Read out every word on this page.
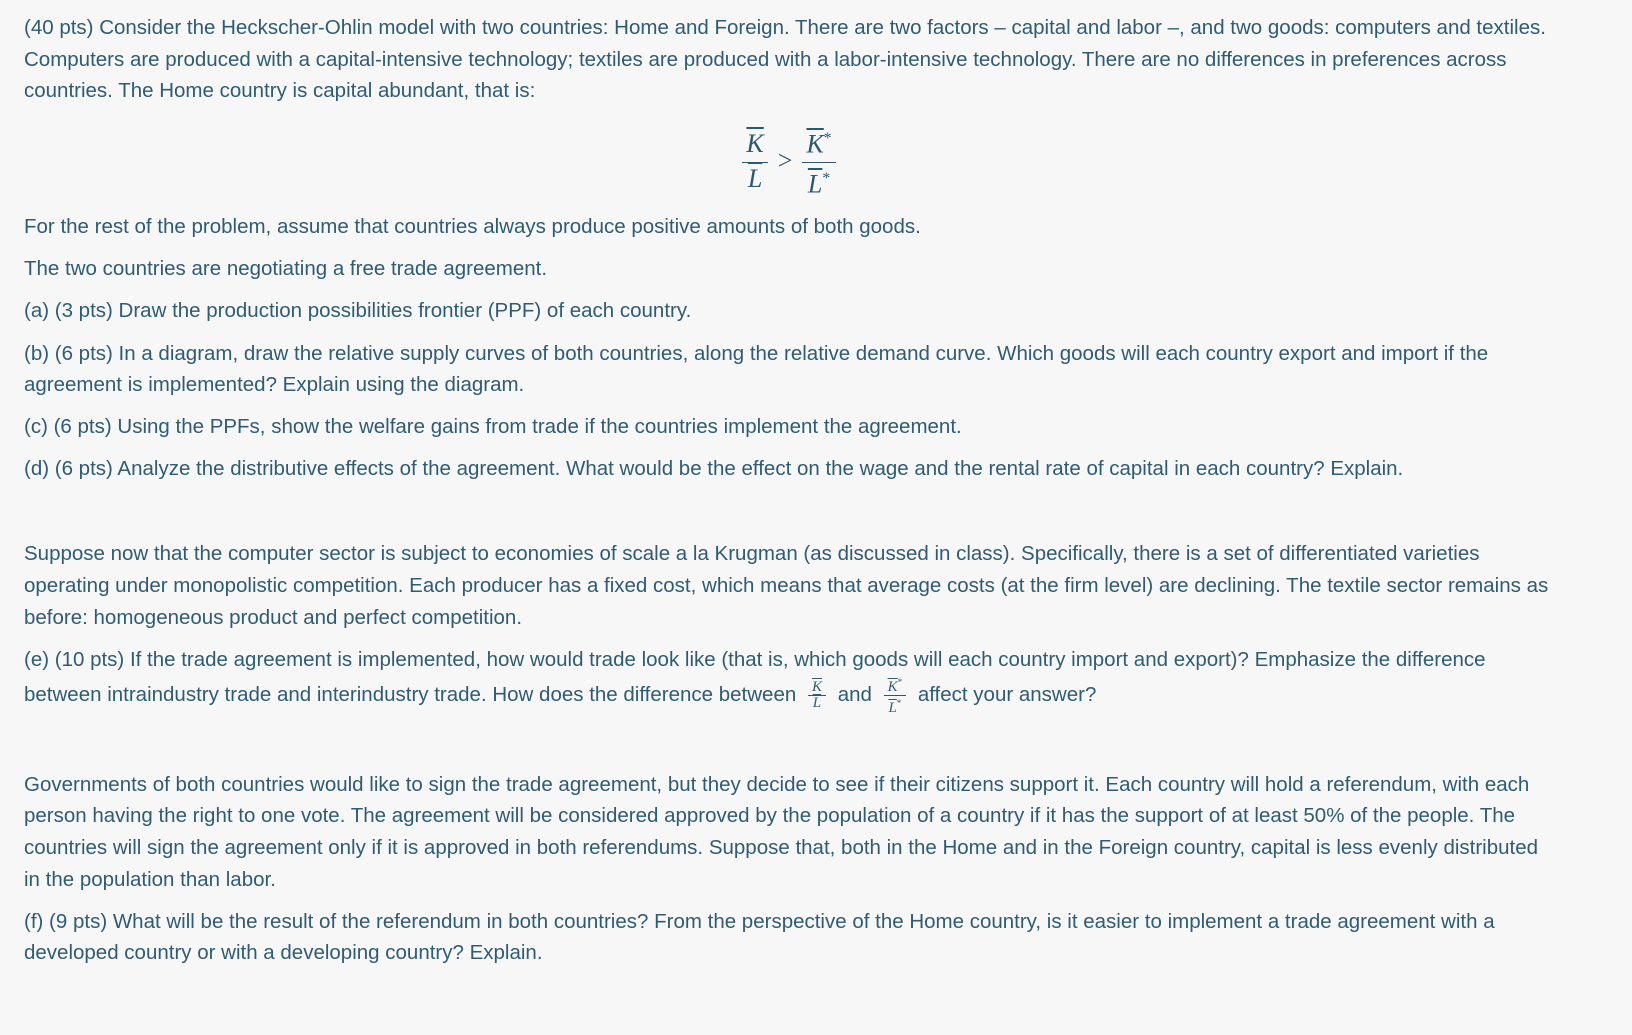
(40 pts) Consider the Heckscher-Ohlin model with two countries: Home and Foreign. There are two factors – capital and labor –, and two goods: computers and textiles. Computers are produced with a capital-intensive technology; textiles are produced with a labor-intensive technology. There are no differences in preferences across countries. The Home country is capital abundant, that is:

$\frac{\overline{K}}{L} > \frac{\overline{K}^*}{\overline{L}^*}$

For the rest of the problem, assume that countries always produce positive amounts of both goods.

The two countries are negotiating a free trade agreement.

(a) (3 pts) Draw the production possibilities frontier (PPF) of each country.

(b) (6 pts) In a diagram, draw the relative supply curves of both countries, along the relative demand curve. Which goods will each country export and import if the agreement is implemented? Explain using the diagram.

(c) (6 pts) Using the PPFs, show the welfare gains from trade if the countries implement the agreement.

(d) (6 pts) Analyze the distributive effects of the agreement. What would be the effect on the wage and the rental rate of capital in each country? Explain.

Suppose now that the computer sector is subject to economies of scale a la Krugman (as discussed in class). Specifically, there is a set of differentiated varieties operating under monopolistic competition. Each producer has a fixed cost, which means that average costs (at the firm level) are declining. The textile sector remains as before: homogeneous product and perfect competition.

(e) (10 pts) If the trade agreement is implemented, how would trade look like (that is, which goods will each country import and export)? Emphasize the difference between intraindustry trade and interindustry trade. How does the difference between $\frac{\overline{K}}{L}$ and $\frac{\overline{K}^*}{\overline{L}^*}$ affect your answer?

Governments of both countries would like to sign the trade agreement, but they decide to see if their citizens support it. Each country will hold a referendum, with each person having the right to one vote. The agreement will be considered approved by the population of a country if it has the support of at least 50% of the people. The countries will sign the agreement only if it is approved in both referendums. Suppose that, both in the Home and in the Foreign country, capital is less evenly distributed in the population than labor.

(f) (9 pts) What will be the result of the referendum in both countries? From the perspective of the Home country, is it easier to implement a trade agreement with a developed country or with a developing country? Explain.
